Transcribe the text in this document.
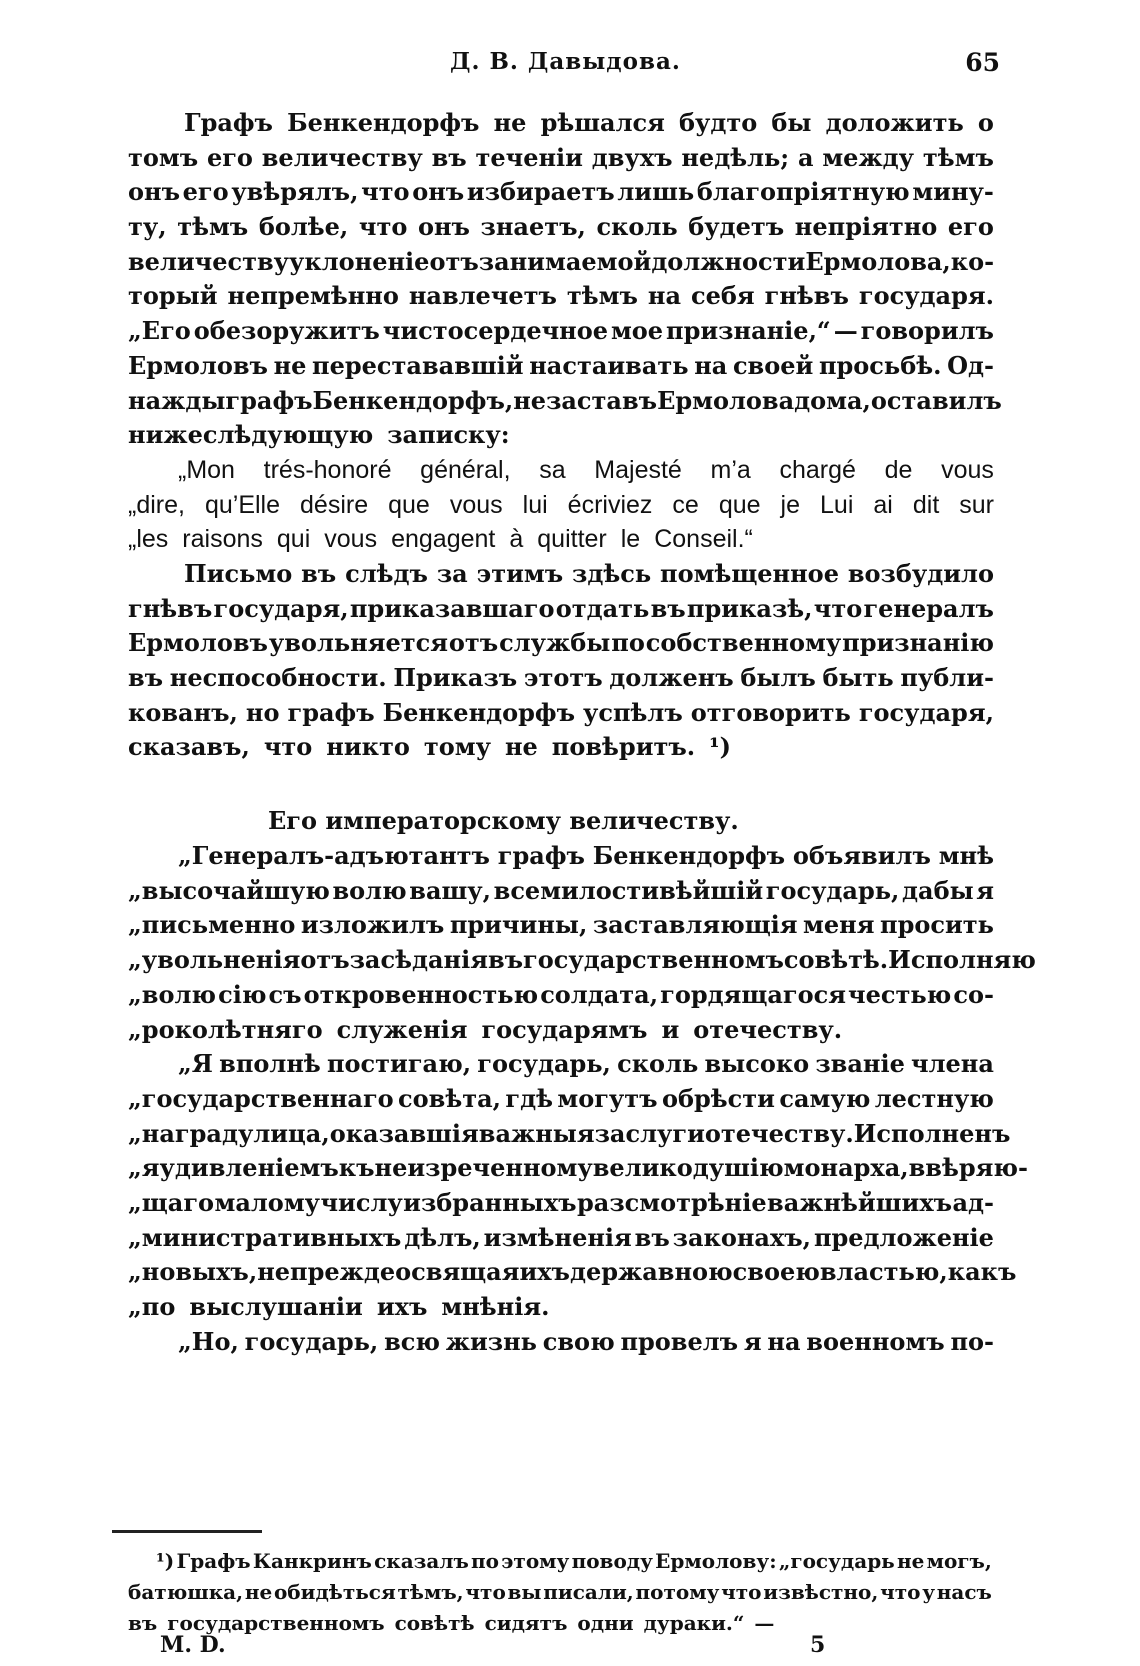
Д. В. Давыдова.	65
Графъ Бенкендорфъ не рѣшался будто бы доложить о
томъ его величеству въ теченіи двухъ недѣль; а между тѣмъ
онъ его увѣрялъ, что онъ избираетъ лишь благопріятную мину-
ту, тѣмъ болѣе, что онъ знаетъ, сколь будетъ непріятно его
величеству уклоненіе отъ занимаемой должности Ермолова, ко-
торый непремѣнно навлечетъ тѣмъ на себя гнѣвъ государя.
„Его обезоружитъ чистосердечное мое признаніе,“ — говорилъ
Ермоловъ не перестававшій настаивать на своей просьбѣ. Од-
нажды графъ Бенкендорфъ, не заставъ Ермолова дома, оставилъ
нижеслѣдующую записку:
„Mon trés-honoré général, sa Majesté m’a chargé de vous
„dire, qu’Elle désire que vous lui écriviez ce que je Lui ai dit sur
„les raisons qui vous engagent à quitter le Conseil.“
Письмо въ слѣдъ за этимъ здѣсь помѣщенное возбудило
гнѣвъ государя, приказавшаго отдать въ приказѣ, что генералъ
Ермоловъ увольняется отъ службы по собственному признанію
въ неспособности. Приказъ этотъ долженъ былъ быть публи-
кованъ, но графъ Бенкендорфъ успѣлъ отговорить государя,
сказавъ, что никто тому не повѣритъ. ¹)
Его императорскому величеству.
„Генералъ-адъютантъ графъ Бенкендорфъ объявилъ мнѣ
„высочайшую волю вашу, всемилостивѣйшій государь, дабы я
„письменно изложилъ причины, заставляющія меня просить
„увольненія отъ засѣданія въ государственномъ совѣтѣ. Исполняю
„волю сію съ откровенностью солдата, гордящагося честью со-
„роколѣтняго служенія государямъ и отечеству.
„Я вполнѣ постигаю, государь, сколь высоко званіе члена
„государственнаго совѣта, гдѣ могутъ обрѣсти самую лестную
„награду лица, оказавшія важныя заслуги отечеству. Исполненъ
„я удивленіемъ къ неизреченному великодушію монарха, ввѣряю-
„щаго малому числу избранныхъ разсмотрѣніе важнѣйшихъ ад-
„министративныхъ дѣлъ, измѣненія въ законахъ, предложеніе
„новыхъ, не прежде освящая ихъ державною своею властью, какъ
„по выслушаніи ихъ мнѣнія.
„Но, государь, всю жизнь свою провелъ я на военномъ по-
¹) Графъ Канкринъ сказалъ по этому поводу Ермолову: „государь не могъ,
батюшка, не обидѣться тѣмъ, что вы писали, потому что извѣстно, что у насъ
въ государственномъ совѣтѣ сидятъ одни дураки.“ —
M. D.	5
